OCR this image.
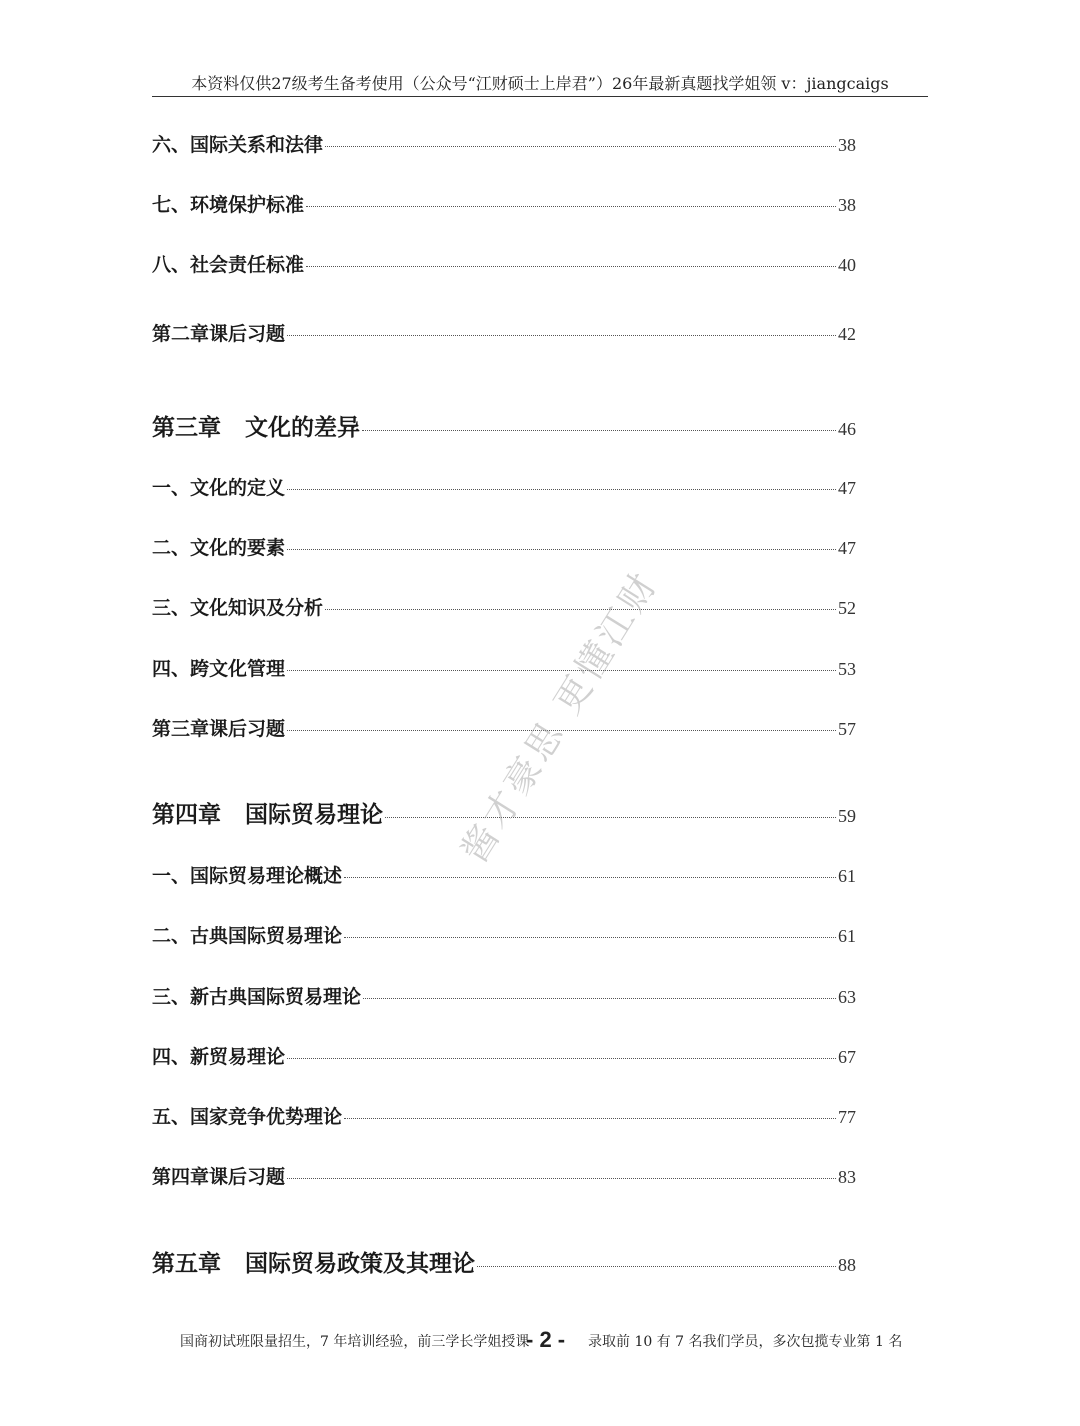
本资料仅供27级考生备考使用（公众号“江财硕士上岸君”）26年最新真题找学姐领 v：jiangcaigs
六、国际关系和法律	38
七、环境保护标准	38
八、社会责任标准	40
第二章课后习题	42
第三章 文化的差异	46
一、文化的定义	47
二、文化的要素	47
三、文化知识及分析	52
四、跨文化管理	53
第三章课后习题	57
第四章 国际贸易理论	59
一、国际贸易理论概述	61
二、古典国际贸易理论	61
三、新古典国际贸易理论	63
四、新贸易理论	67
五、国家竞争优势理论	77
第四章课后习题	83
第五章 国际贸易政策及其理论	88
酱才豪思 更懂江财
国商初试班限量招生，7 年培训经验，前三学长学姐授课
- 2 - 录取前 10 有 7 名我们学员，多次包揽专业第 1 名
